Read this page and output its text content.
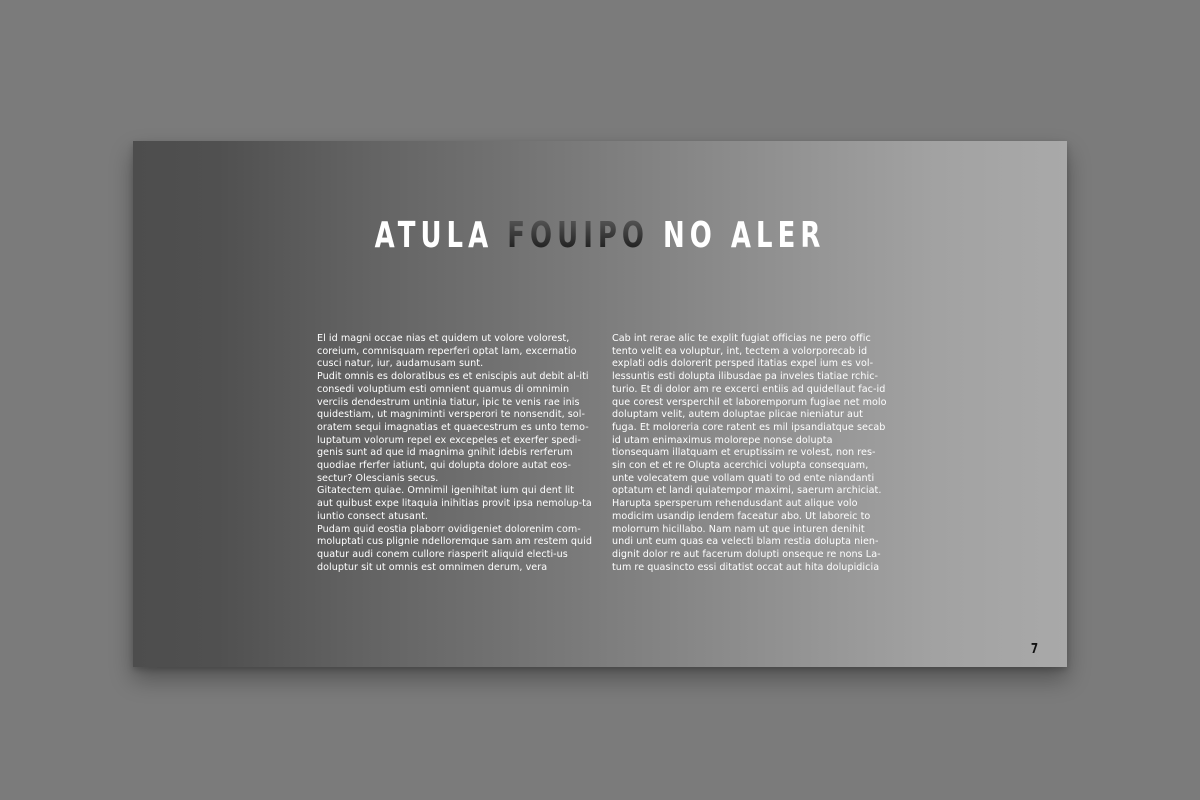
ATULA FOUIPO NO ALER

El id magni occae nias et quidem ut volore volorest, coreium, comnisquam reperferi optat lam, excernatio cusci natur, iur, audamusam sunt.

Pudit omnis es doloratibus es et eniscipis aut debit al-iti consedi voluptium esti omnient quamus di omnimin verciis dendestrum untinia tiatur, ipic te venis rae inis quidestiam, ut magniminti versperori te nonsendit, sol-oratem sequi imagnatias et quaecestrum es unto temo-luptatum volorum repel ex excepeles et exerfer spedi-genis sunt ad que id magnima gnihit idebis rerferum quodiae rferfer iatiunt, qui dolupta dolore autat eos-sectur? Olescianis secus.

Gitatectem quiae. Omnimil igenihitat ium qui dent lit aut quibust expe litaquia inihitias provit ipsa nemolup-ta iuntio consect atusant.

Pudam quid eostia plaborr ovidigeniet dolorenim com-moluptati cus plignie ndelloremque sam am restem quid quatur audi conem cullore riasperit aliquid electi-us doluptur sit ut omnis est omnimen derum, vera

Cab int rerae alic te explit fugiat officias ne pero offic tento velit ea voluptur, int, tectem a volorporecab id explati odis dolorerit persped itatias expel ium es vol-lessuntis esti dolupta ilibusdae pa inveles tiatiae rchic-turio. Et di dolor am re excerci entiis ad quidellaut fac-id que corest versperchil et laboremporum fugiae net molo doluptam velit, autem doluptae plicae nieniatur aut fuga. Et moloreria core ratent es mil ipsandiatque secab id utam enimaximus molorepe nonse dolupta tionsequam illatquam et eruptissim re volest, non res-sin con et et re Olupta acerchici volupta consequam, unte volecatem que vollam quati to od ente niandanti optatum et landi quiatempor maximi, saerum archiciat. Harupta spersperum rehendusdant aut alique volo modicim usandip iendem faceatur abo. Ut laboreic to molorrum hicillabo. Nam nam ut que inturen denihit undi unt eum quas ea velecti blam restia dolupta nien-dignit dolor re aut facerum dolupti onseque re nons La-tum re quasincto essi ditatist occat aut hita dolupidicia

7
